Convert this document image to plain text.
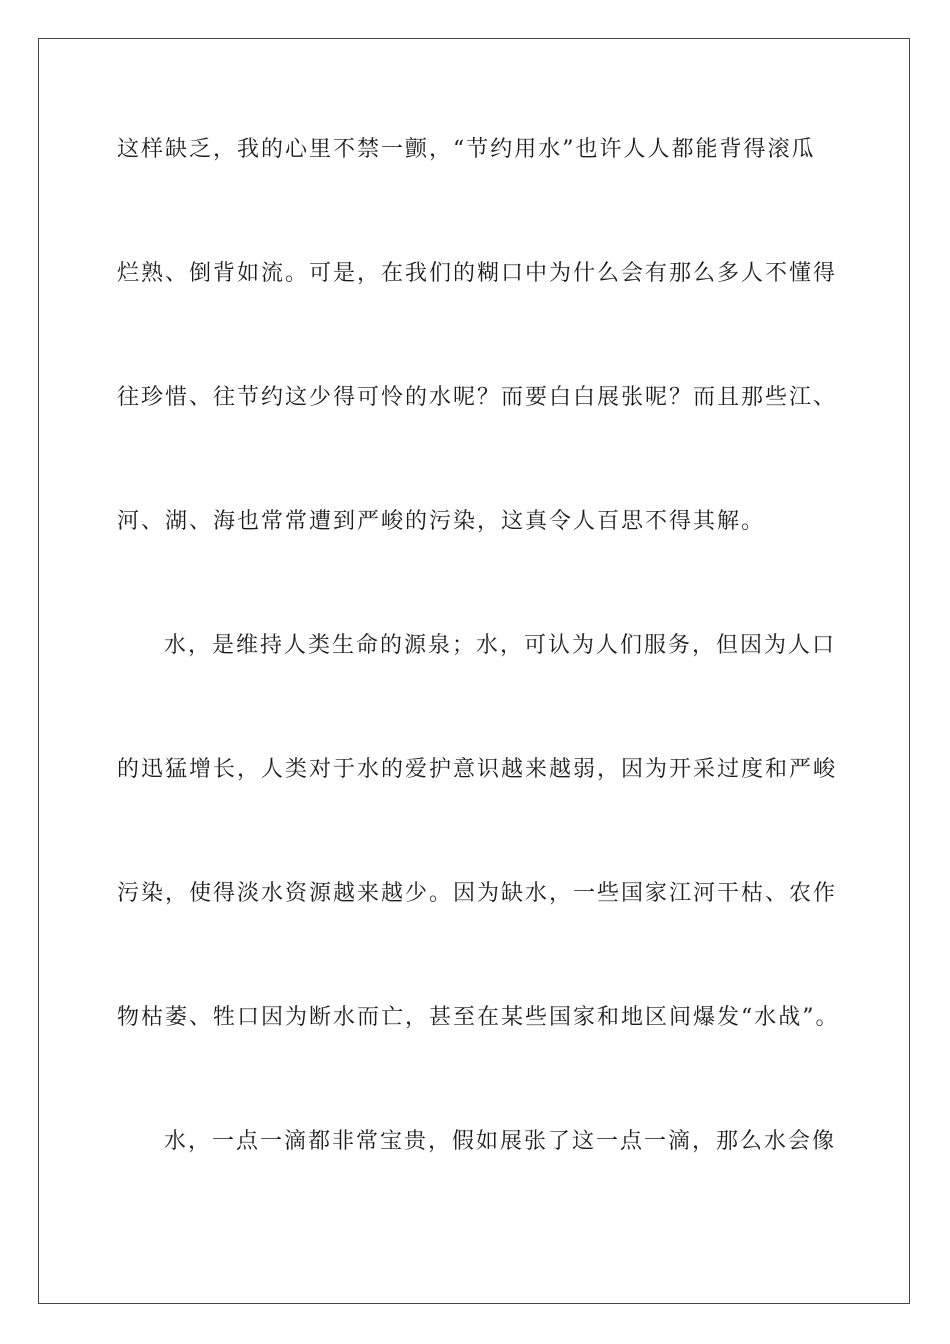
这样缺乏，我的心里不禁一颤，“节约用水”也许人人都能背得滚瓜
烂熟、倒背如流。可是，在我们的糊口中为什么会有那么多人不懂得
往珍惜、往节约这少得可怜的水呢？而要白白展张呢？而且那些江、
河、湖、海也常常遭到严峻的污染，这真令人百思不得其解。
水，是维持人类生命的源泉；水，可认为人们服务，但因为人口
的迅猛增长，人类对于水的爱护意识越来越弱，因为开采过度和严峻
污染，使得淡水资源越来越少。因为缺水，一些国家江河干枯、农作
物枯萎、牲口因为断水而亡，甚至在某些国家和地区间爆发“水战”。
水，一点一滴都非常宝贵，假如展张了这一点一滴，那么水会像
